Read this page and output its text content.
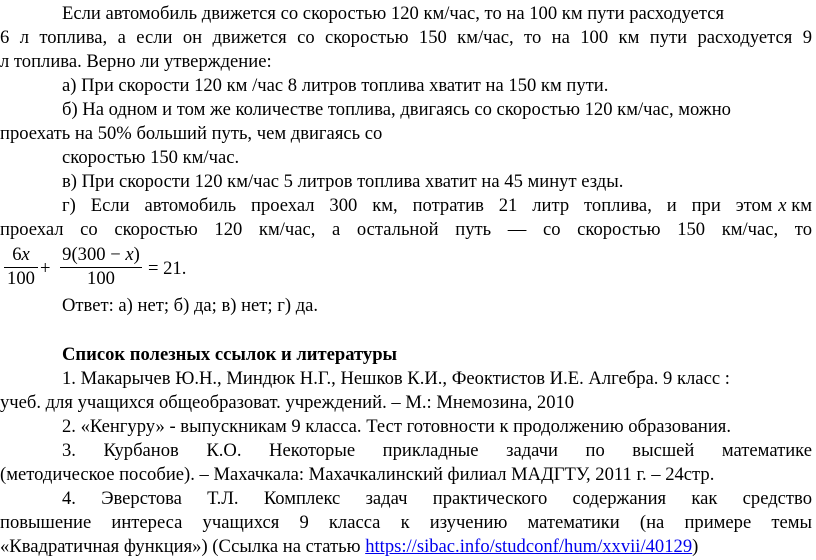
Если автомобиль движется со скоростью 120 км/час, то на 100 км пути расходуется
6 л топлива, а если он движется со скоростью 150 км/час, то на 100 км пути расходуется 9
л топлива. Верно ли утверждение:
а) При скорости 120 км /час 8 литров топлива хватит на 150 км пути.
б) На одном и том же количестве топлива, двигаясь со скоростью 120 км/час, можно
проехать на 50% больший путь, чем двигаясь со
скоростью 150 км/час.
в) При скорости 120 км/час 5 литров топлива хватит на 45 минут езды.
г) Если автомобиль проехал 300 км, потратив 21 литр топлива, и при этом x км
проехал со скоростью 120 км/час, а остальной путь — со скоростью 150 км/час, то
6x
100 +
9(300 − x)
100	= 21.
Ответ: а) нет; б) да; в) нет; г) да.
Список полезных ссылок и литературы
1. Макарычев Ю.Н., Миндюк Н.Г., Нешков К.И., Феоктистов И.Е. Алгебра. 9 класс :
учеб. для учащихся общеобразоват. учреждений. – М.: Мнемозина, 2010
2. «Кенгуру» - выпускникам 9 класса. Тест готовности к продолжению образования.
3. Курбанов К.О. Некоторые прикладные задачи по высшей математике
(методическое пособие). – Махачкала: Махачкалинский филиал МАДГТУ, 2011 г. – 24стр.
4. Эверстова Т.Л. Комплекс задач практического содержания как средство
повышение интереса учащихся 9 класса к изучению математики (на примере темы
«Квадратичная функция») (Ссылка на статью https://sibac.info/studconf/hum/xxvii/40129)
